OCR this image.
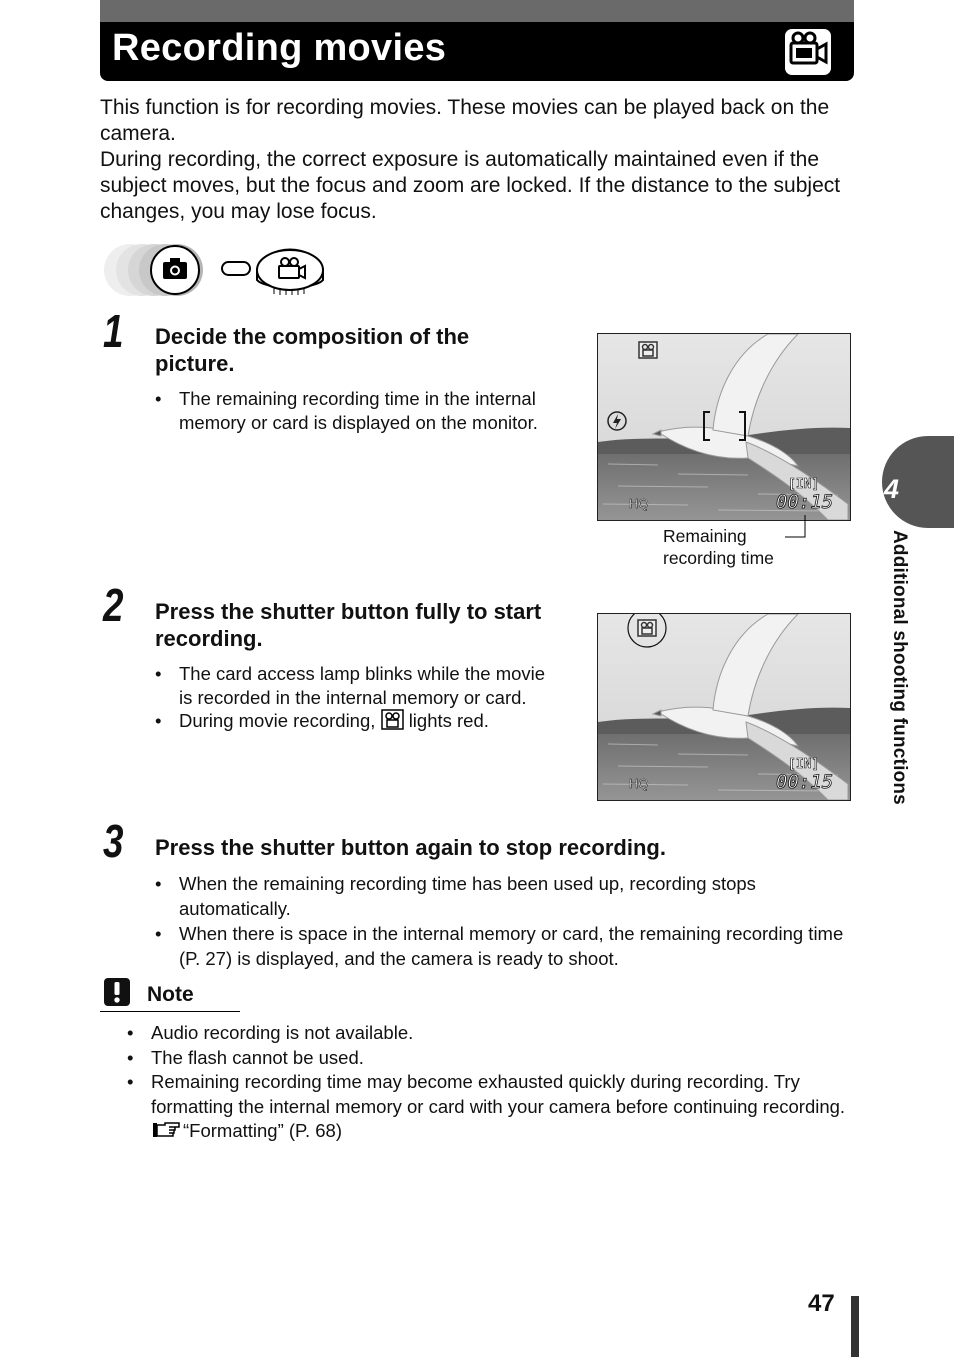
Recording movies

This function is for recording movies. These movies can be played back on the camera.

During recording, the correct exposure is automatically maintained even if the subject moves, but the focus and zoom are locked. If the distance to the subject changes, you may lose focus.

1 Decide the composition of the picture.
• The remaining recording time in the internal memory or card is displayed on the monitor.
[IN]
HQ	00:15
Remaining
recording time
2 Press the shutter button fully to start recording.
• The card access lamp blinks while the movie is recorded in the internal memory or card.
• During movie recording, lights red.
[IN]
HQ	00:15
3 Press the shutter button again to stop recording.
• When the remaining recording time has been used up, recording stops automatically.
• When there is space in the internal memory or card, the remaining recording time (P. 27) is displayed, and the camera is ready to shoot.
Note
• Audio recording is not available.
• The flash cannot be used.
• Remaining recording time may become exhausted quickly during recording. Try formatting the internal memory or card with your camera before continuing recording. “Formatting” (P. 68)
4
Additional shooting functions
47
